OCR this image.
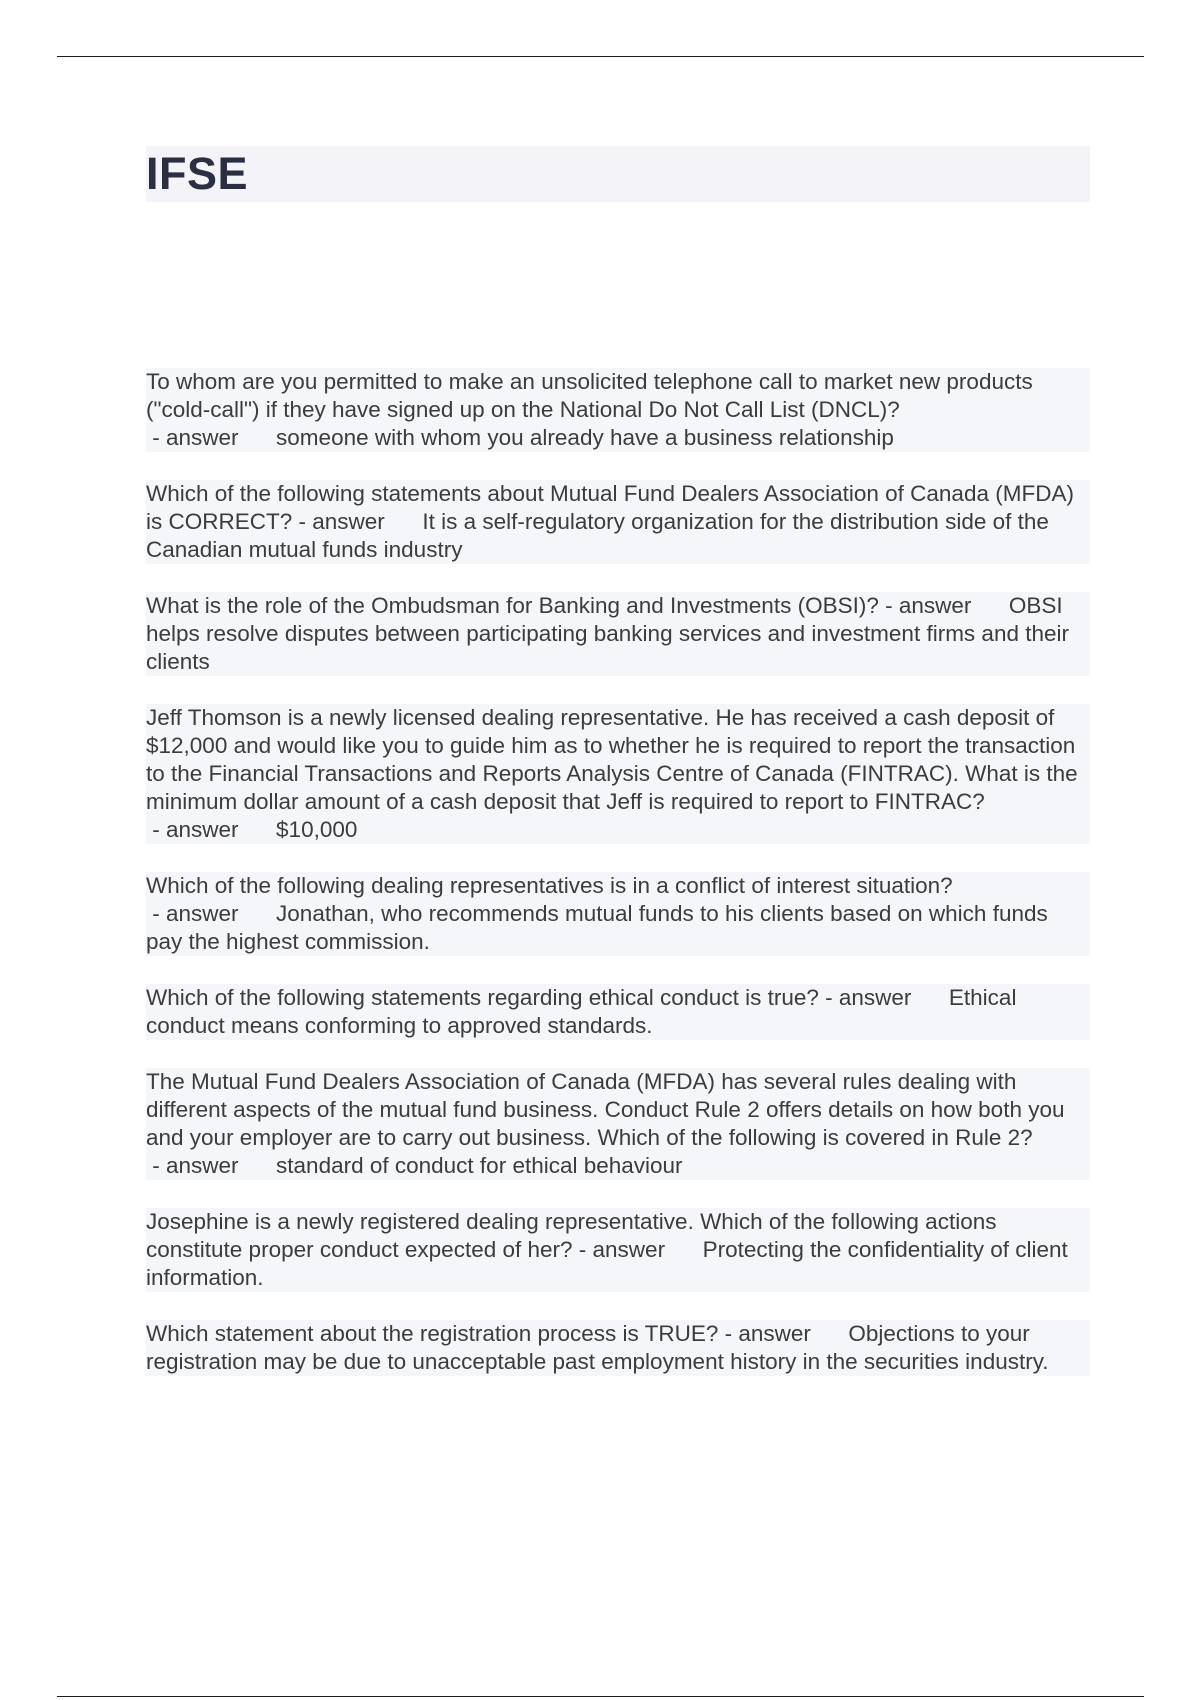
IFSE

To whom are you permitted to make an unsolicited telephone call to market new products ("cold-call") if they have signed up on the National Do Not Call List (DNCL)? - answer      someone with whom you already have a business relationship

Which of the following statements about Mutual Fund Dealers Association of Canada (MFDA) is CORRECT? - answer      It is a self-regulatory organization for the distribution side of the Canadian mutual funds industry

What is the role of the Ombudsman for Banking and Investments (OBSI)? - answer      OBSI helps resolve disputes between participating banking services and investment firms and their clients

Jeff Thomson is a newly licensed dealing representative. He has received a cash deposit of $12,000 and would like you to guide him as to whether he is required to report the transaction to the Financial Transactions and Reports Analysis Centre of Canada (FINTRAC). What is the minimum dollar amount of a cash deposit that Jeff is required to report to FINTRAC? - answer      $10,000

Which of the following dealing representatives is in a conflict of interest situation? - answer      Jonathan, who recommends mutual funds to his clients based on which funds pay the highest commission.

Which of the following statements regarding ethical conduct is true? - answer      Ethical conduct means conforming to approved standards.

The Mutual Fund Dealers Association of Canada (MFDA) has several rules dealing with different aspects of the mutual fund business. Conduct Rule 2 offers details on how both you and your employer are to carry out business. Which of the following is covered in Rule 2? - answer      standard of conduct for ethical behaviour

Josephine is a newly registered dealing representative. Which of the following actions constitute proper conduct expected of her? - answer      Protecting the confidentiality of client information.

Which statement about the registration process is TRUE? - answer      Objections to your registration may be due to unacceptable past employment history in the securities industry.
